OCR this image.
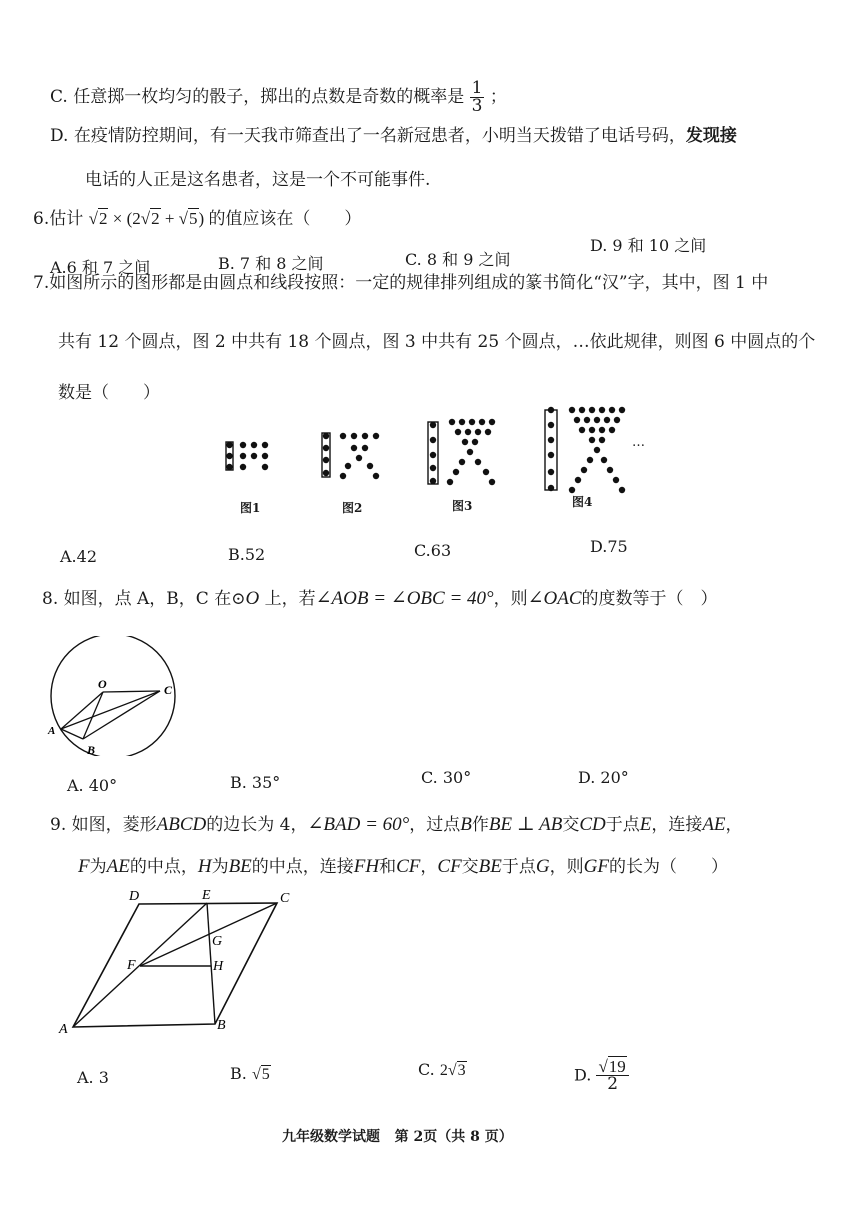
C. 任意掷一枚均匀的骰子，掷出的点数是奇数的概率是 $\frac{1}{3}$ ；
D. 在疫情防控期间，有一天我市筛查出了一名新冠患者，小明当天拨错了电话号码，发现接
电话的人正是这名患者，这是一个不可能事件.
6.估计 √2 × (2√2 + √5) 的值应该在（　　）
A.6 和 7 之间	B. 7 和 8 之间	C. 8 和 9 之间
D. 9 和 10 之间
7.如图所示的图形都是由圆点和线段按照：一定的规律排列组成的篆书简化“汉”字，其中，图 1 中
共有 12 个圆点，图 2 中共有 18 个圆点，图 3 中共有 25 个圆点，…依此规律，则图 6 中圆点的个
数是（　　）
…
图1	图2	图3	图4
A.42	B.52	C.63	D.75
8. 如图，点 A，B，C 在⊙O 上，若∠AOB = ∠OBC = 40°，则∠OAC的度数等于（　）
O	C
A
B
A. 40°	B. 35°	C. 30°	D. 20°
9. 如图，菱形ABCD的边长为 4，∠BAD = 60°，过点B作BE ⊥ AB交CD于点E，连接AE，
F为AE的中点，H为BE的中点，连接FH和CF，CF交BE于点G，则GF的长为（　　）
D	E	C
G
F	H
A	B
A. 3	B. √5	C. 2√3	D. $\frac{√19}{2}$
九年级数学试题 第 2页（共 8 页）
